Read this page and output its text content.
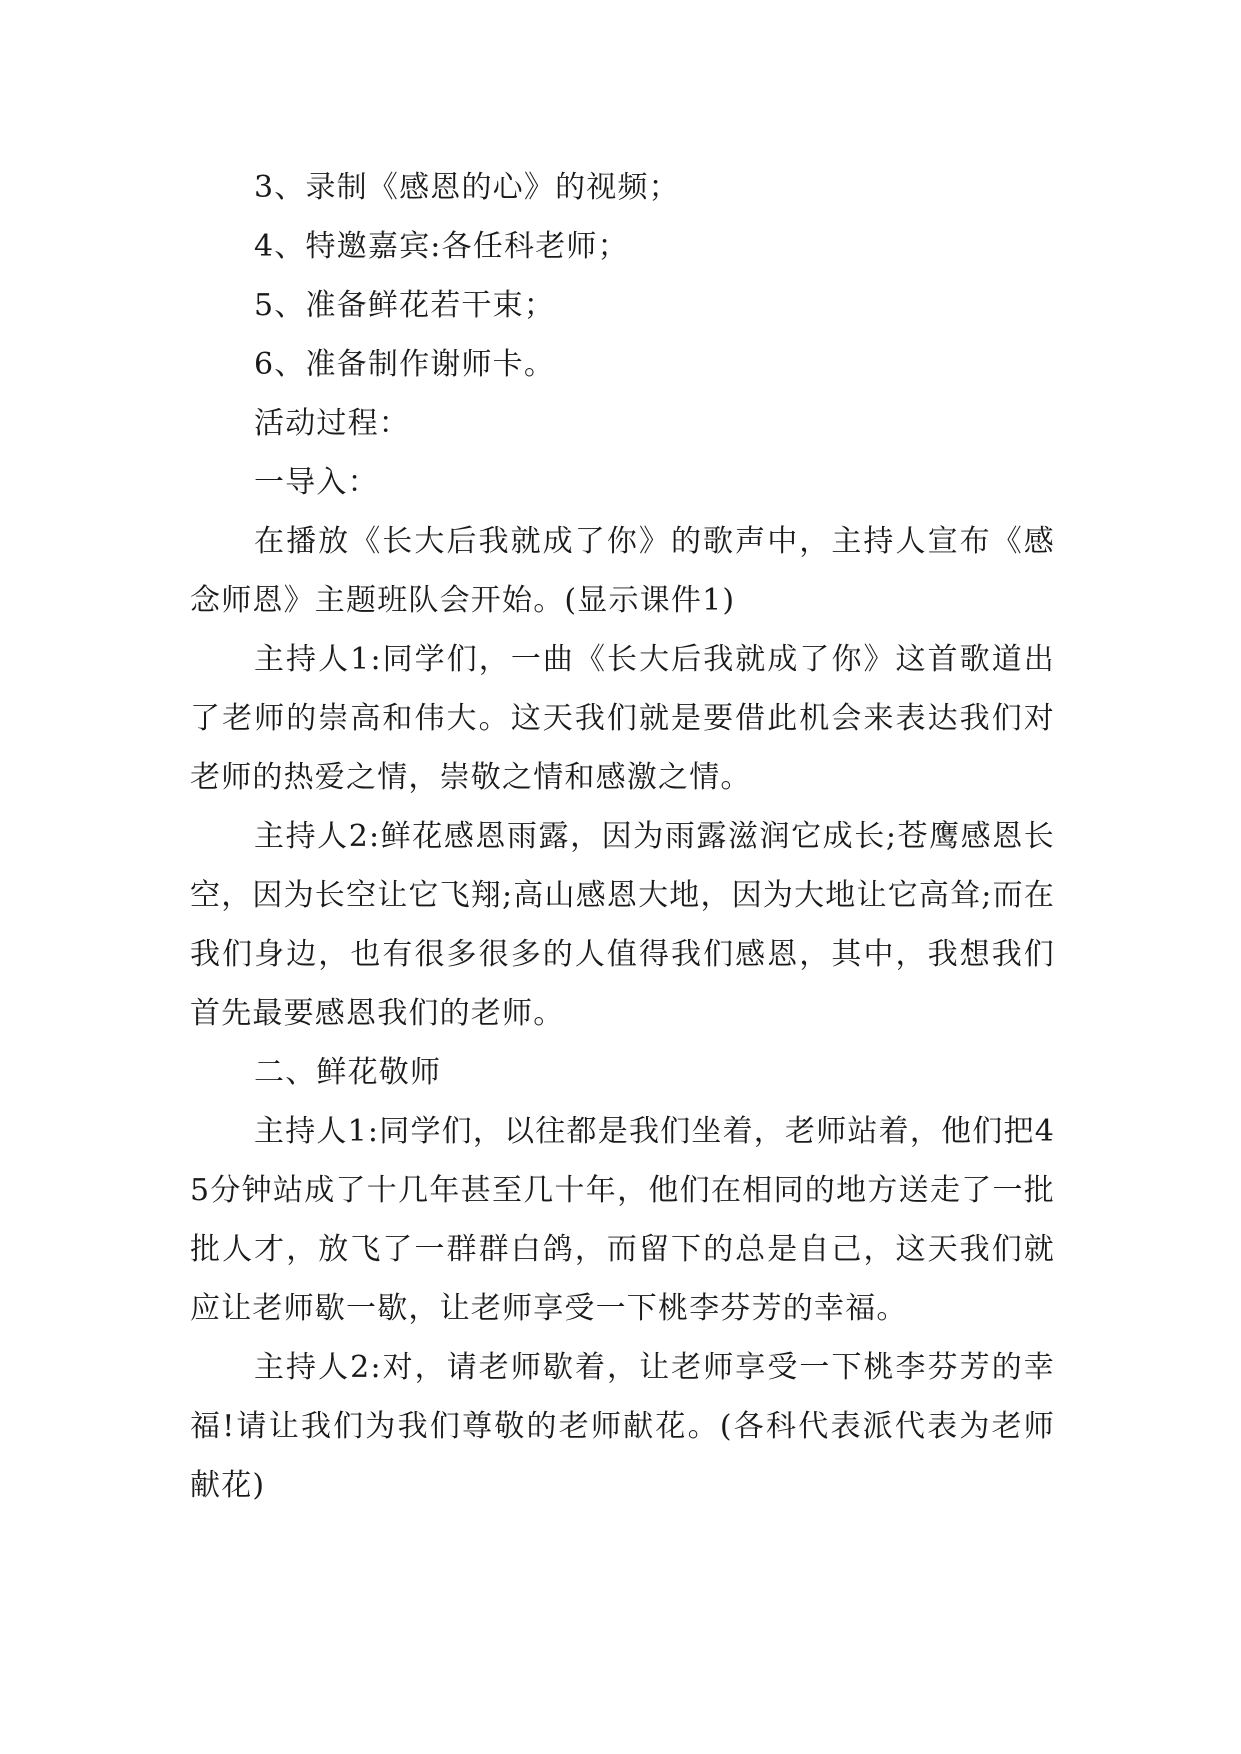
3、录制《感恩的心》的视频；

4、特邀嘉宾:各任科老师；

5、准备鲜花若干束；

6、准备制作谢师卡。

活动过程：

一导入：

在播放《长大后我就成了你》的歌声中，主持人宣布《感念师恩》主题班队会开始。(显示课件1)

主持人1:同学们，一曲《长大后我就成了你》这首歌道出了老师的崇高和伟大。这天我们就是要借此机会来表达我们对老师的热爱之情，崇敬之情和感激之情。

主持人2:鲜花感恩雨露，因为雨露滋润它成长;苍鹰感恩长空，因为长空让它飞翔;高山感恩大地，因为大地让它高耸;而在我们身边，也有很多很多的人值得我们感恩，其中，我想我们首先最要感恩我们的老师。

二、鲜花敬师

主持人1:同学们，以往都是我们坐着，老师站着，他们把45分钟站成了十几年甚至几十年，他们在相同的地方送走了一批批人才，放飞了一群群白鸽，而留下的总是自己，这天我们就应让老师歇一歇，让老师享受一下桃李芬芳的幸福。

主持人2:对，请老师歇着，让老师享受一下桃李芬芳的幸福!请让我们为我们尊敬的老师献花。(各科代表派代表为老师献花)
